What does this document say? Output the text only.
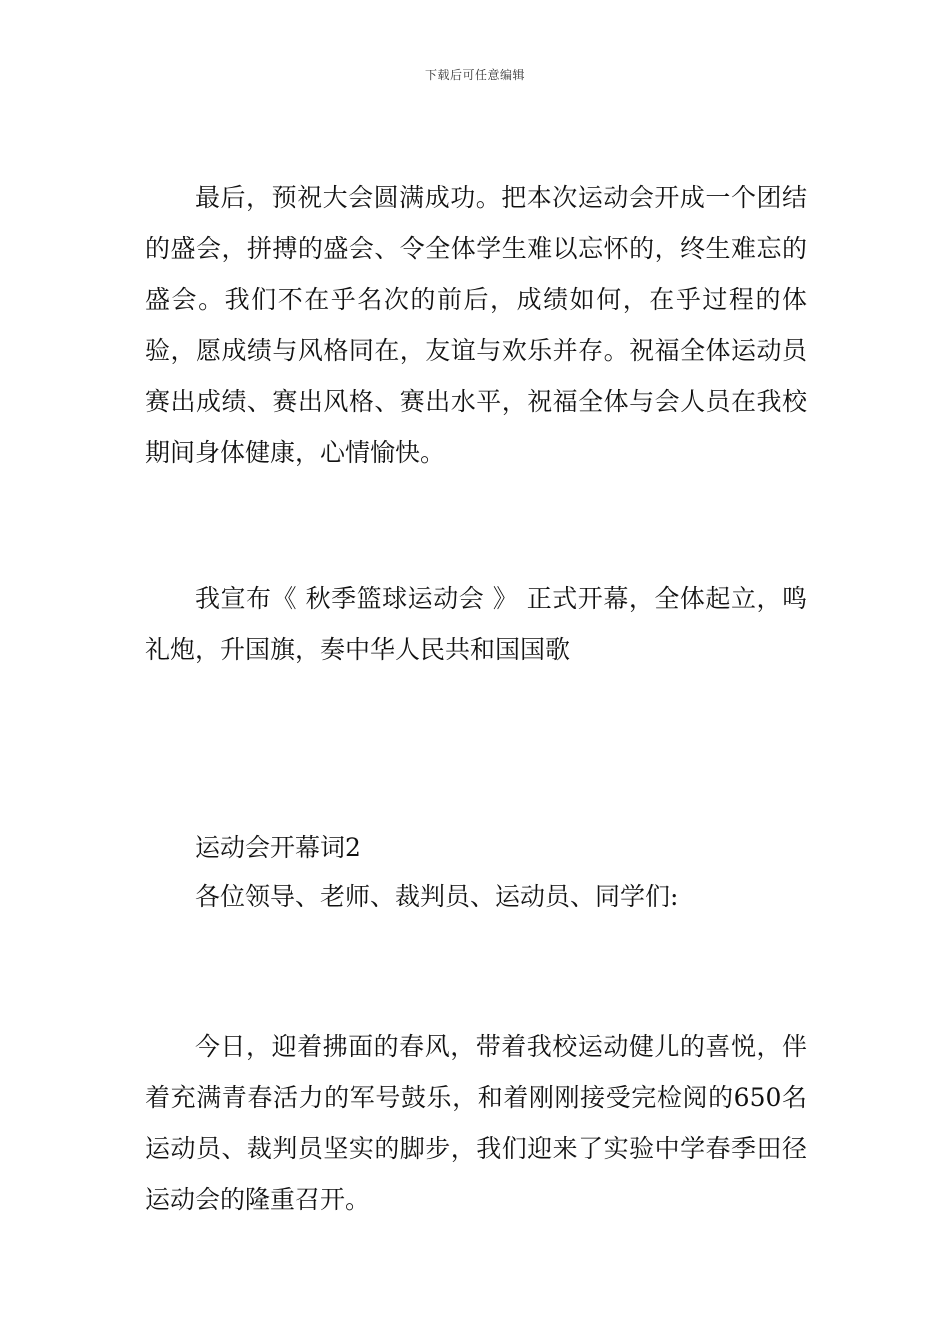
下载后可任意编辑

最后，预祝大会圆满成功。把本次运动会开成一个团结的盛会，拼搏的盛会、令全体学生难以忘怀的，终生难忘的盛会。我们不在乎名次的前后，成绩如何，在乎过程的体验，愿成绩与风格同在，友谊与欢乐并存。祝福全体运动员赛出成绩、赛出风格、赛出水平，祝福全体与会人员在我校期间身体健康，心情愉快。

我宣布《 秋季篮球运动会 》 正式开幕，全体起立，鸣礼炮，升国旗，奏中华人民共和国国歌

运动会开幕词2

各位领导、老师、裁判员、运动员、同学们:

今日，迎着拂面的春风，带着我校运动健儿的喜悦，伴着充满青春活力的军号鼓乐，和着刚刚接受完检阅的650名运动员、裁判员坚实的脚步，我们迎来了实验中学春季田径运动会的隆重召开。
